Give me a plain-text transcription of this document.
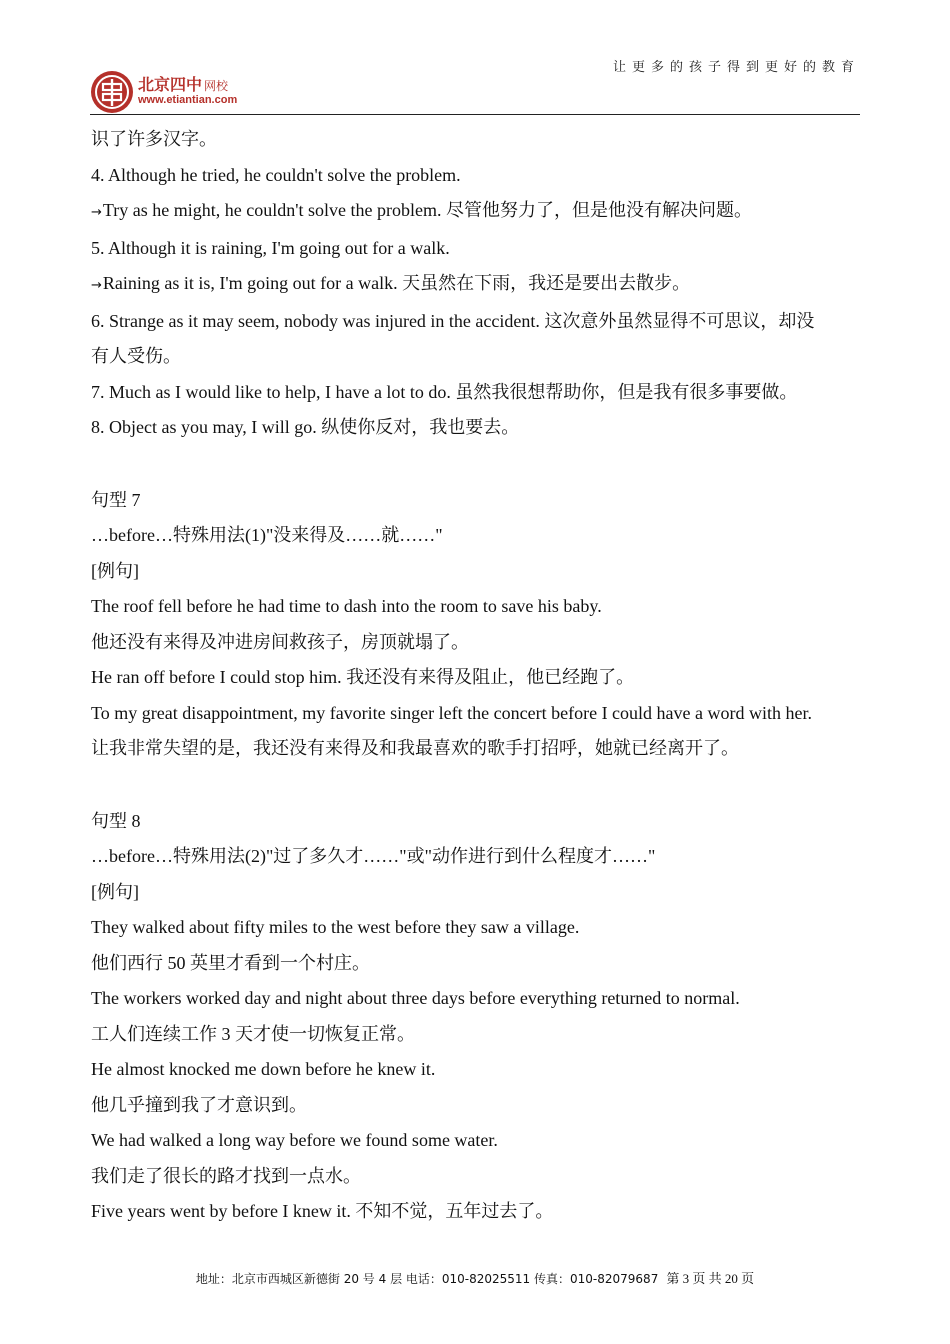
北京四中 网校
www.etiantian.com
让更多的孩子得到更好的教育
识了许多汉字。
4. Although he tried, he couldn't solve the problem.
→Try as he might, he couldn't solve the problem. 尽管他努力了，但是他没有解决问题。
5. Although it is raining, I'm going out for a walk.
→Raining as it is, I'm going out for a walk. 天虽然在下雨，我还是要出去散步。
6. Strange as it may seem, nobody was injured in the accident. 这次意外虽然显得不可思议，却没
有人受伤。
7. Much as I would like to help, I have a lot to do. 虽然我很想帮助你，但是我有很多事要做。
8. Object as you may, I will go. 纵使你反对，我也要去。
句型 7
…before…特殊用法(1)"没来得及……就……"
[例句]
The roof fell before he had time to dash into the room to save his baby.
他还没有来得及冲进房间救孩子，房顶就塌了。
He ran off before I could stop him. 我还没有来得及阻止，他已经跑了。
To my great disappointment, my favorite singer left the concert before I could have a word with her.
让我非常失望的是，我还没有来得及和我最喜欢的歌手打招呼，她就已经离开了。
句型 8
…before…特殊用法(2)"过了多久才……"或"动作进行到什么程度才……"
[例句]
They walked about fifty miles to the west before they saw a village.
他们西行 50 英里才看到一个村庄。
The workers worked day and night about three days before everything returned to normal.
工人们连续工作 3 天才使一切恢复正常。
He almost knocked me down before he knew it.
他几乎撞到我了才意识到。
We had walked a long way before we found some water.
我们走了很长的路才找到一点水。
Five years went by before I knew it. 不知不觉，五年过去了。
地址：北京市西城区新德街 20 号 4 层 电话：010-82025511 传真：010-82079687 第 3 页 共 20 页
